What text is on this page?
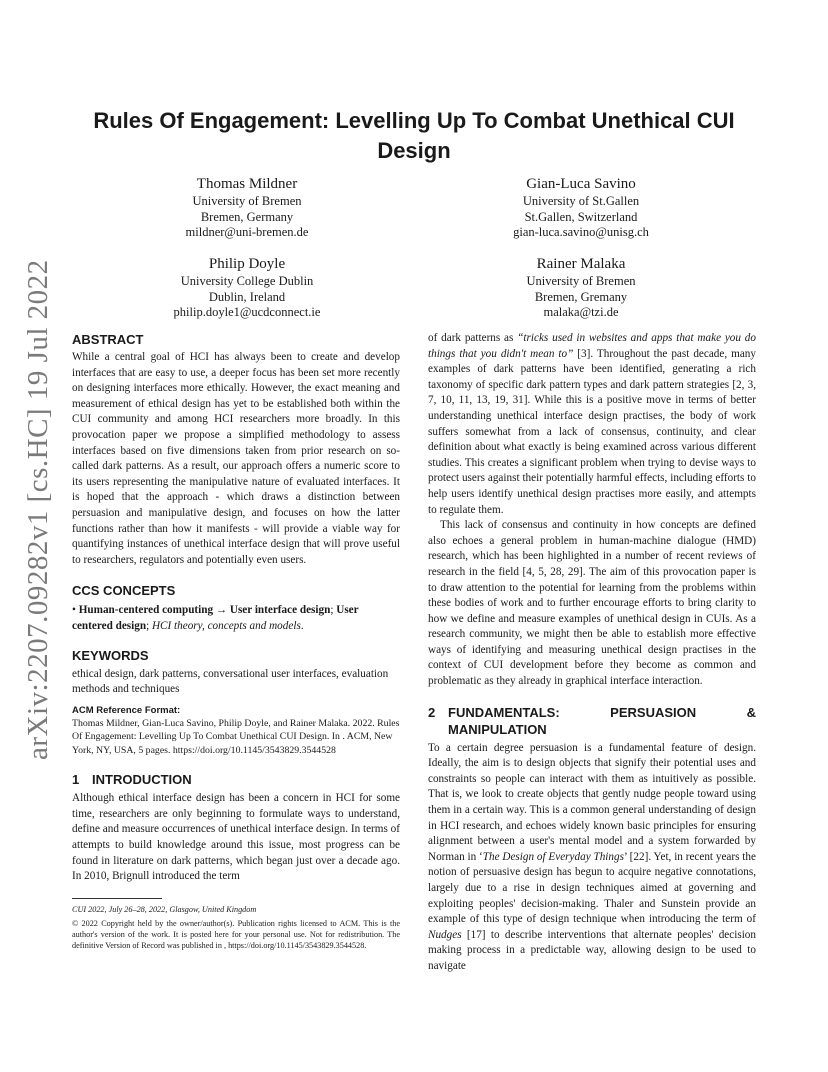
arXiv:2207.09282v1 [cs.HC] 19 Jul 2022
Rules Of Engagement: Levelling Up To Combat Unethical CUI Design
Thomas Mildner
University of Bremen
Bremen, Germany
mildner@uni-bremen.de
Gian-Luca Savino
University of St.Gallen
St.Gallen, Switzerland
gian-luca.savino@unisg.ch
Philip Doyle
University College Dublin
Dublin, Ireland
philip.doyle1@ucdconnect.ie
Rainer Malaka
University of Bremen
Bremen, Gremany
malaka@tzi.de
ABSTRACT

While a central goal of HCI has always been to create and develop interfaces that are easy to use, a deeper focus has been set more recently on designing interfaces more ethically. However, the exact meaning and measurement of ethical design has yet to be established both within the CUI community and among HCI researchers more broadly. In this provocation paper we propose a simplified methodology to assess interfaces based on five dimensions taken from prior research on so-called dark patterns. As a result, our approach offers a numeric score to its users representing the manipulative nature of evaluated interfaces. It is hoped that the approach - which draws a distinction between persuasion and manipulative design, and focuses on how the latter functions rather than how it manifests - will provide a viable way for quantifying instances of unethical interface design that will prove useful to researchers, regulators and potentially even users.

CCS CONCEPTS

• Human-centered computing → User interface design; User centered design; HCI theory, concepts and models.

KEYWORDS

ethical design, dark patterns, conversational user interfaces, evaluation methods and techniques

ACM Reference Format:

Thomas Mildner, Gian-Luca Savino, Philip Doyle, and Rainer Malaka. 2022. Rules Of Engagement: Levelling Up To Combat Unethical CUI Design. In . ACM, New York, NY, USA, 5 pages. https://doi.org/10.1145/3543829.3544528

1 INTRODUCTION

Although ethical interface design has been a concern in HCI for some time, researchers are only beginning to formulate ways to understand, define and measure occurrences of unethical interface design. In terms of attempts to build knowledge around this issue, most progress can be found in literature on dark patterns, which began just over a decade ago. In 2010, Brignull introduced the term

CUI 2022, July 26–28, 2022, Glasgow, United Kingdom
© 2022 Copyright held by the owner/author(s). Publication rights licensed to ACM. This is the author's version of the work. It is posted here for your personal use. Not for redistribution. The definitive Version of Record was published in , https://doi.org/10.1145/3543829.3544528.

of dark patterns as “tricks used in websites and apps that make you do things that you didn't mean to” [3]. Throughout the past decade, many examples of dark patterns have been identified, generating a rich taxonomy of specific dark pattern types and dark pattern strategies [2, 3, 7, 10, 11, 13, 19, 31]. While this is a positive move in terms of better understanding unethical interface design practises, the body of work suffers somewhat from a lack of consensus, continuity, and clear definition about what exactly is being examined across various different studies. This creates a significant problem when trying to devise ways to protect users against their potentially harmful effects, including efforts to help users identify unethical design practises more easily, and attempts to regulate them.

This lack of consensus and continuity in how concepts are defined also echoes a general problem in human-machine dialogue (HMD) research, which has been highlighted in a number of recent reviews of research in the field [4, 5, 28, 29]. The aim of this provocation paper is to draw attention to the potential for learning from the problems within these bodies of work and to further encourage efforts to bring clarity to how we define and measure examples of unethical design in CUIs. As a research community, we might then be able to establish more effective ways of identifying and measuring unethical design practises in the context of CUI development before they become as common and problematic as they already in graphical interface interaction.

2 FUNDAMENTALS: PERSUASION & MANIPULATION

To a certain degree persuasion is a fundamental feature of design. Ideally, the aim is to design objects that signify their potential uses and constraints so people can interact with them as intuitively as possible. That is, we look to create objects that gently nudge people toward using them in a certain way. This is a common general understanding of design in HCI research, and echoes widely known basic principles for ensuring alignment between a user's mental model and a system forwarded by Norman in ‘The Design of Everyday Things’ [22]. Yet, in recent years the notion of persuasive design has begun to acquire negative connotations, largely due to a rise in design techniques aimed at governing and exploiting peoples' decision-making. Thaler and Sunstein provide an example of this type of design technique when introducing the term of Nudges [17] to describe interventions that alternate peoples' decision making process in a predictable way, allowing design to be used to navigate
